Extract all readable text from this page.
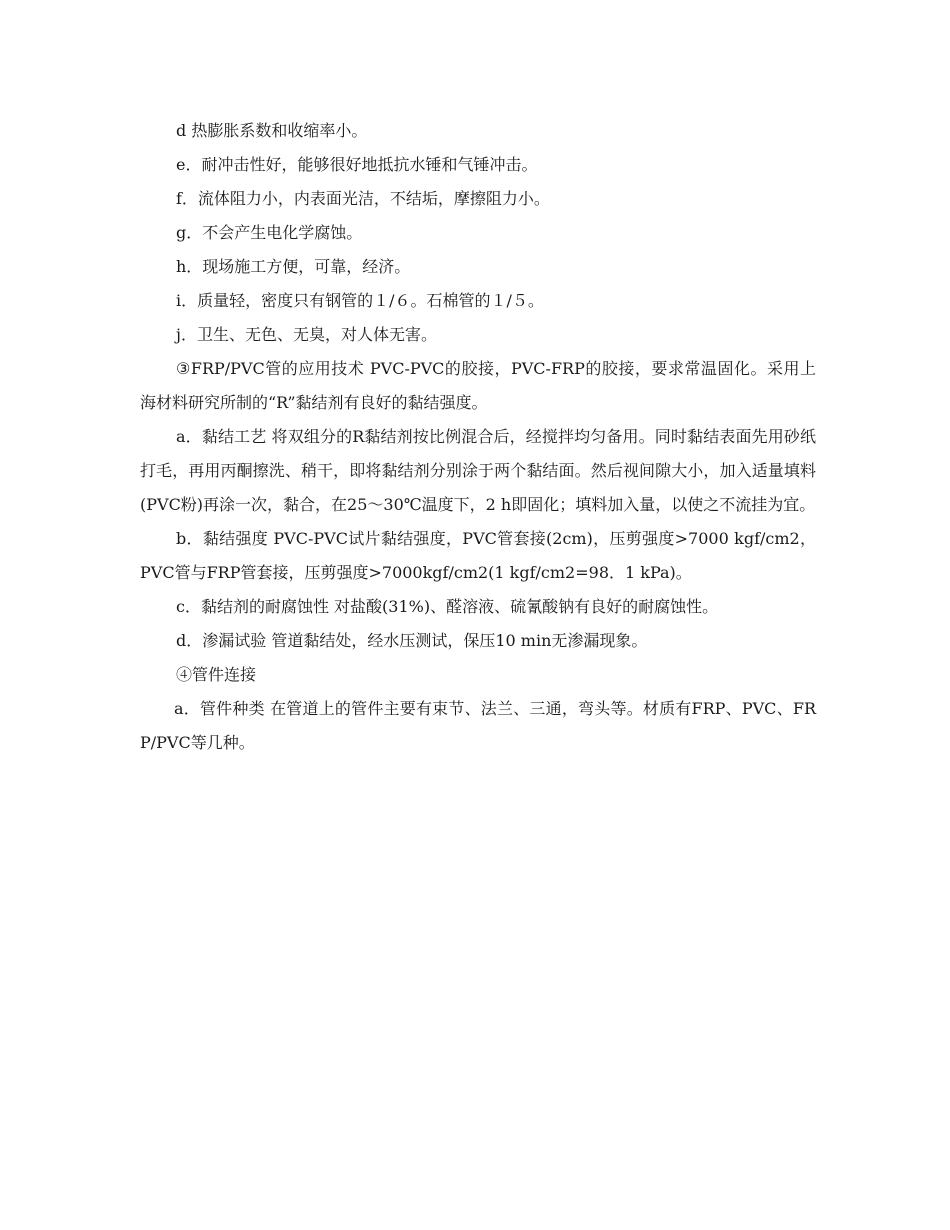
d 热膨胀系数和收缩率小。

e．耐冲击性好，能够很好地抵抗水锤和气锤冲击。

f．流体阻力小，内表面光洁，不结垢，摩擦阻力小。

g．不会产生电化学腐蚀。

h．现场施工方便，可靠，经济。

i．质量轻，密度只有钢管的１/６。石棉管的１/５。

j．卫生、无色、无臭，对人体无害。

③FRP/PVC管的应用技术 PVC-PVC的胶接，PVC-FRP的胶接，要求常温固化。采用上海材料研究所制的“R”黏结剂有良好的黏结强度。

a．黏结工艺 将双组分的R黏结剂按比例混合后，经搅拌均匀备用。同时黏结表面先用砂纸打毛，再用丙酮擦洗、稍干，即将黏结剂分别涂于两个黏结面。然后视间隙大小，加入适量填料(PVC粉)再涂一次，黏合，在25～30℃温度下，2 h即固化；填料加入量，以使之不流挂为宜。

b．黏结强度 PVC-PVC试片黏结强度，PVC管套接(2cm)，压剪强度>7000 kgf/cm2，PVC管与FRP管套接，压剪强度>7000kgf/cm2(1 kgf/cm2=98．1 kPa)。

c．黏结剂的耐腐蚀性 对盐酸(31%)、醛溶液、硫氰酸钠有良好的耐腐蚀性。

d．渗漏试验 管道黏结处，经水压测试，保压10 min无渗漏现象。

④管件连接

a．管件种类 在管道上的管件主要有束节、法兰、三通，弯头等。材质有FRP、PVC、FRP/PVC等几种。
